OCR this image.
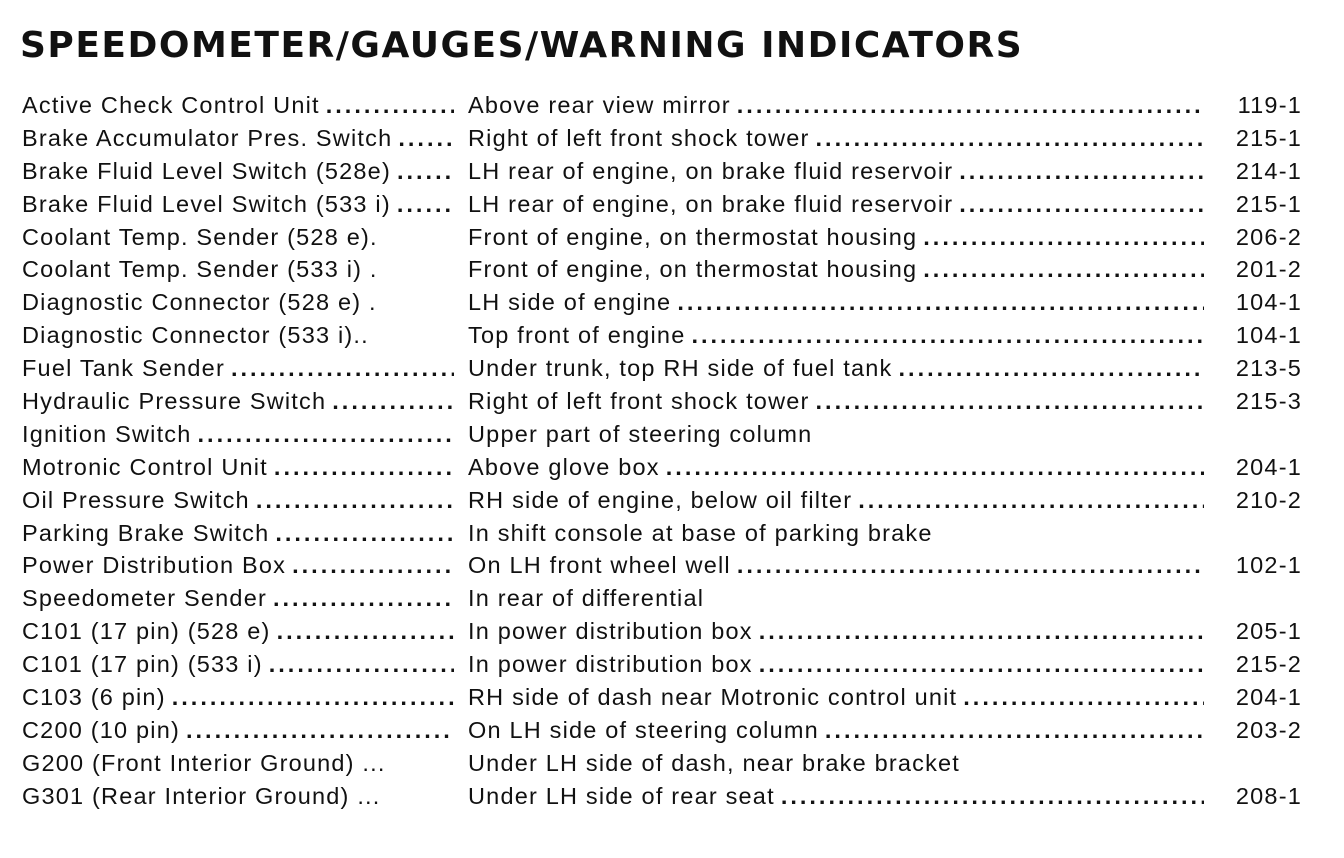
SPEEDOMETER/GAUGES/WARNING INDICATORS
Active Check Control Unit .....	Above rear view mirror .....	119-1
Brake Accumulator Pres. Switch .....	Right of left front shock tower .....	215-1
Brake Fluid Level Switch (528e) .....	LH rear of engine, on brake fluid reservoir .....	214-1
Brake Fluid Level Switch (533 i) .....	LH rear of engine, on brake fluid reservoir .....	215-1
Coolant Temp. Sender (528 e).	Front of engine, on thermostat housing .....	206-2
Coolant Temp. Sender (533 i) .	Front of engine, on thermostat housing .....	201-2
Diagnostic Connector (528 e) .	LH side of engine .....	104-1
Diagnostic Connector (533 i)..	Top front of engine .....	104-1
Fuel Tank Sender .....	Under trunk, top RH side of fuel tank .....	213-5
Hydraulic Pressure Switch .....	Right of left front shock tower .....	215-3
Ignition Switch .....	Upper part of steering column
Motronic Control Unit .....	Above glove box .....	204-1
Oil Pressure Switch .....	RH side of engine, below oil filter .....	210-2
Parking Brake Switch .....	In shift console at base of parking brake
Power Distribution Box .....	On LH front wheel well .....	102-1
Speedometer Sender .....	In rear of differential
C101 (17 pin) (528 e) .....	In power distribution box .....	205-1
C101 (17 pin) (533 i) .....	In power distribution box .....	215-2
C103 (6 pin) .....	RH side of dash near Motronic control unit .....	204-1
C200 (10 pin) .....	On LH side of steering column .....	203-2
G200 (Front Interior Ground) ...	Under LH side of dash, near brake bracket
G301 (Rear Interior Ground) ...	Under LH side of rear seat .....	208-1
